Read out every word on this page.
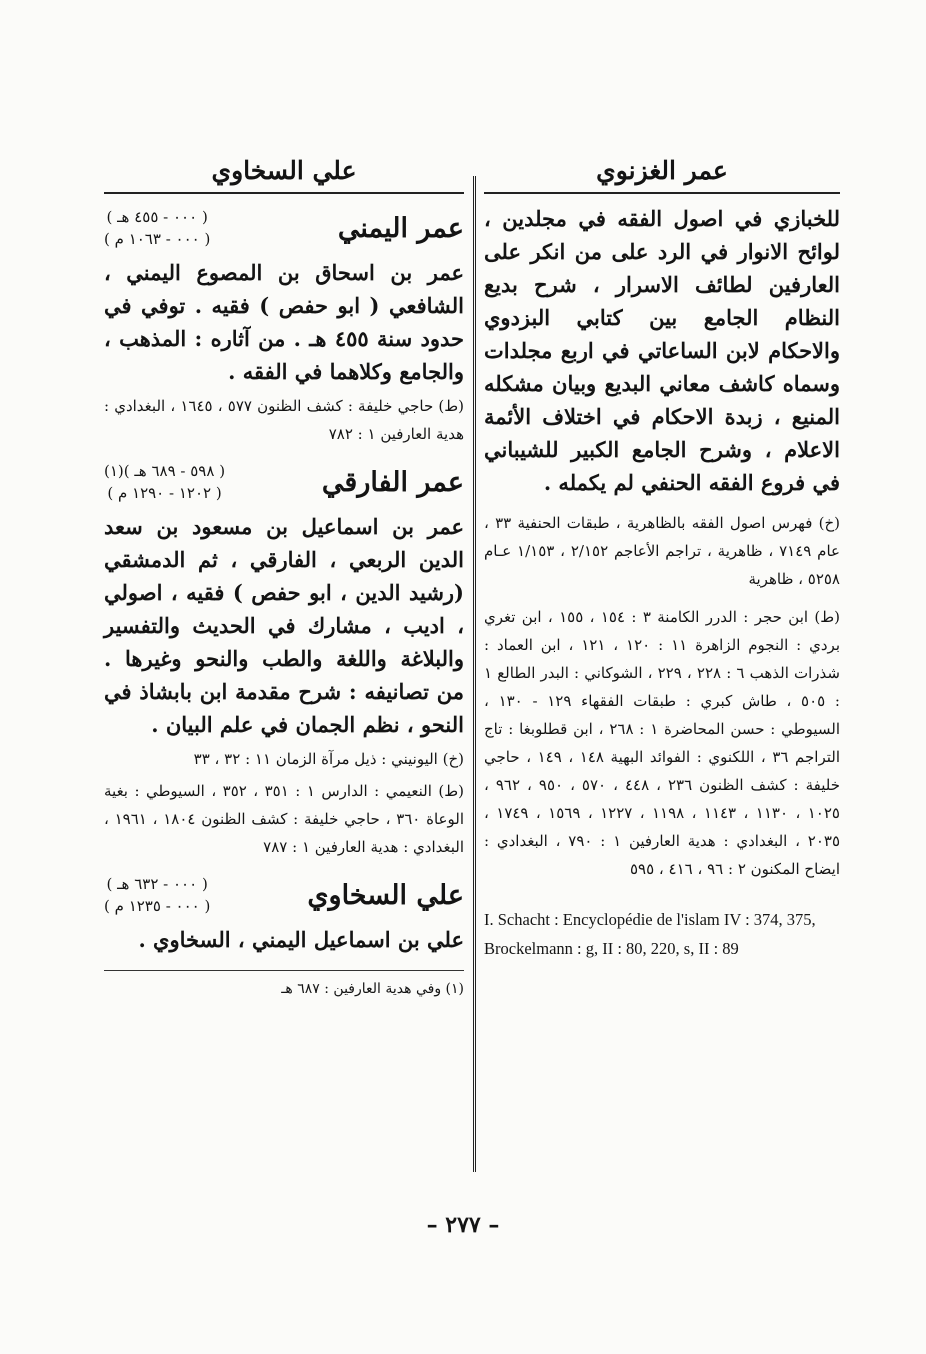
عمر الغزنوي

للخبازي في اصول الفقه في مجلدين ، لوائح الانوار في الرد على من انكر على العارفين لطائف الاسرار ، شرح بديع النظام الجامع بين كتابي البزدوي والاحكام لابن الساعاتي في اربع مجلدات وسماه كاشف معاني البديع وبيان مشكله المنيع ، زبدة الاحكام في اختلاف الأئمة الاعلام ، وشرح الجامع الكبير للشيباني في فروع الفقه الحنفي لم يكمله .

(خ) فهرس اصول الفقه بالظاهرية ، طبقات الحنفية ٣٣ ، عام ٧١٤٩ ، ظاهرية ، تراجم الأعاجم ٢/١٥٢ ، ١/١٥٣ عـام ٥٢٥٨ ، ظاهرية

(ط) ابن حجر : الدرر الكامنة ٣ : ١٥٤ ، ١٥٥ ، ابن تغري بردي : النجوم الزاهرة ١١ : ١٢٠ ، ١٢١ ، ابن العماد : شذرات الذهب ٦ : ٢٢٨ ، ٢٢٩ ، الشوكاني : البدر الطالع ١ : ٥٠٥ ، طاش كبري : طبقات الفقهاء ١٢٩ - ١٣٠ ، السيوطي : حسن المحاضرة ١ : ٢٦٨ ، ابن قطلوبغا : تاج التراجم ٣٦ ، اللكنوي : الفوائد البهية ١٤٨ ، ١٤٩ ، حاجي خليفة : كشف الظنون ٢٣٦ ، ٤٤٨ ، ٥٧٠ ، ٩٥٠ ، ٩٦٢ ، ١٠٢٥ ، ١١٣٠ ، ١١٤٣ ، ١١٩٨ ، ١٢٢٧ ، ١٥٦٩ ، ١٧٤٩ ، ٢٠٣٥ ، البغدادي : هدية العارفين ١ : ٧٩٠ ، البغدادي : ايضاح المكنون ٢ : ٩٦ ، ٤١٦ ، ٥٩٥

I. Schacht : Encyclopédie de l'islam IV : 374, 375, Brockelmann : g, II : 80, 220, s, II : 89
علي السخاوي
عمر اليمني
( ٠٠٠ - ٤٥٥ هـ )
( ٠٠٠ - ١٠٦٣ م )

عمر بن اسحاق بن المصوع اليمني ، الشافعي ( ابو حفص ) فقيه . توفي في حدود سنة ٤٥٥ هـ . من آثاره : المذهب ، والجامع وكلاهما في الفقه .

(ط) حاجي خليفة : كشف الظنون ٥٧٧ ، ١٦٤٥ ، البغدادي : هدية العارفين ١ : ٧٨٢

عمر الفارقي
( ٥٩٨ - ٦٨٩ هـ )(١)
( ١٢٠٢ - ١٢٩٠ م )

عمر بن اسماعيل بن مسعود بن سعد الدين الربعي ، الفارقي ، ثم الدمشقي (رشيد الدين ، ابو حفص ) فقيه ، اصولي ، اديب ، مشارك في الحديث والتفسير والبلاغة واللغة والطب والنحو وغيرها . من تصانيفه : شرح مقدمة ابن بابشاذ في النحو ، نظم الجمان في علم البيان .

(خ) اليونيني : ذيل مرآة الزمان ١١ : ٣٢ ، ٣٣

(ط) النعيمي : الدارس ١ : ٣٥١ ، ٣٥٢ ، السيوطي : بغية الوعاة ٣٦٠ ، حاجي خليفة : كشف الظنون ١٨٠٤ ، ١٩٦١ ، البغدادي : هدية العارفين ١ : ٧٨٧

علي السخاوي
( ٠٠٠ - ٦٣٢ هـ )
( ٠٠٠ - ١٢٣٥ م )

علي بن اسماعيل اليمني ، السخاوي .

(١) وفي هدية العارفين : ٦٨٧ هـ
– ٢٧٧ –
